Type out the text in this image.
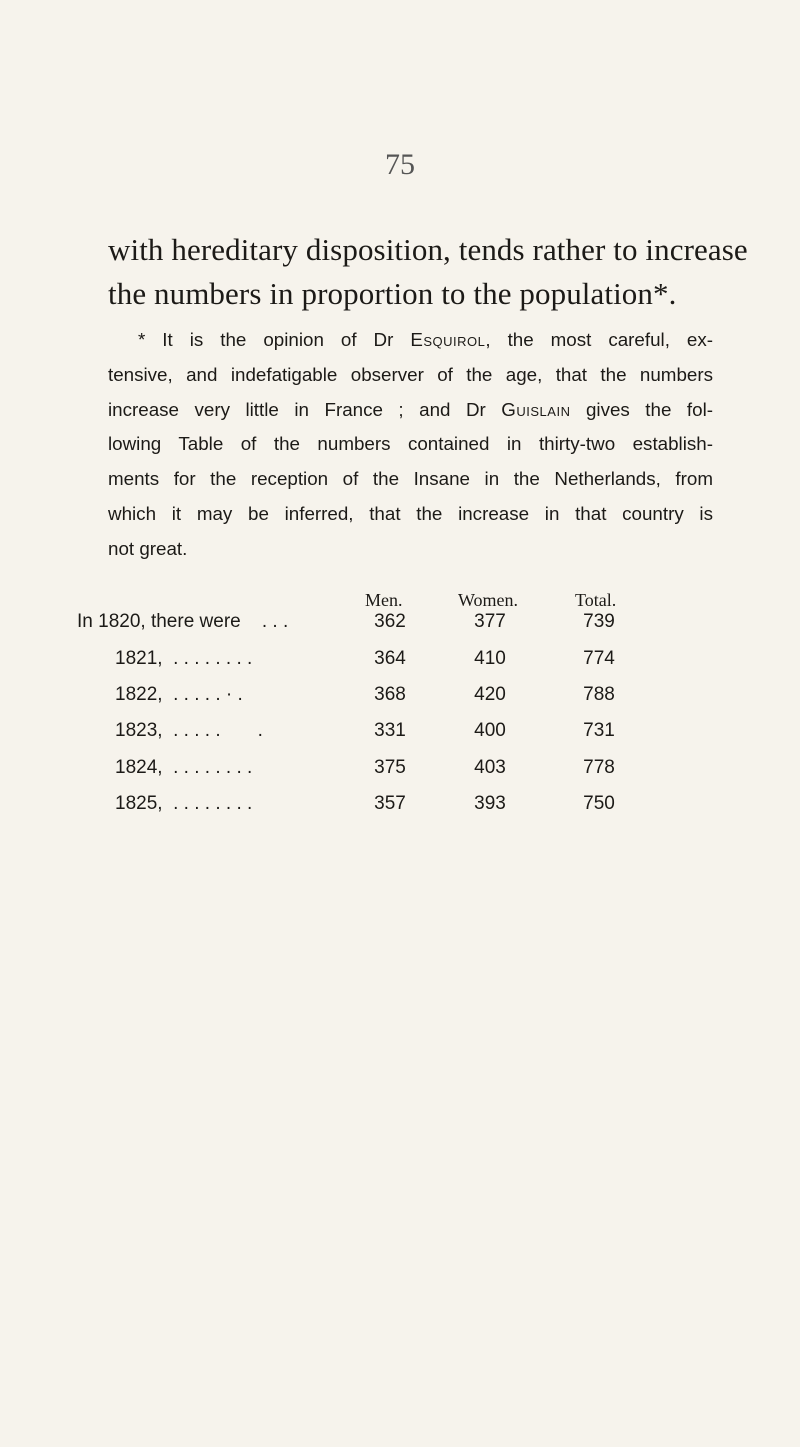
75
with hereditary disposition, tends rather to increase
the numbers in proportion to the population*.
* It is the opinion of Dr Esquirol, the most careful, ex-
tensive, and indefatigable observer of the age, that the numbers
increase very little in France ; and Dr Guislain gives the fol-
lowing Table of the numbers contained in thirty-two establish-
ments for the reception of the Insane in the Netherlands, from
which it may be inferred, that the increase in that country is
not great.
Men.	Women.	Total.
In 1820, there were    . . .	362	377	739
1821,  . . . . . . . .	364	410	774
1822,  . . . . . · .	368	420	788
1823,  . . . . .       .	331	400	731
1824,  . . . . . . . .	375	403	778
1825,  . . . . . . . .	357	393	750
